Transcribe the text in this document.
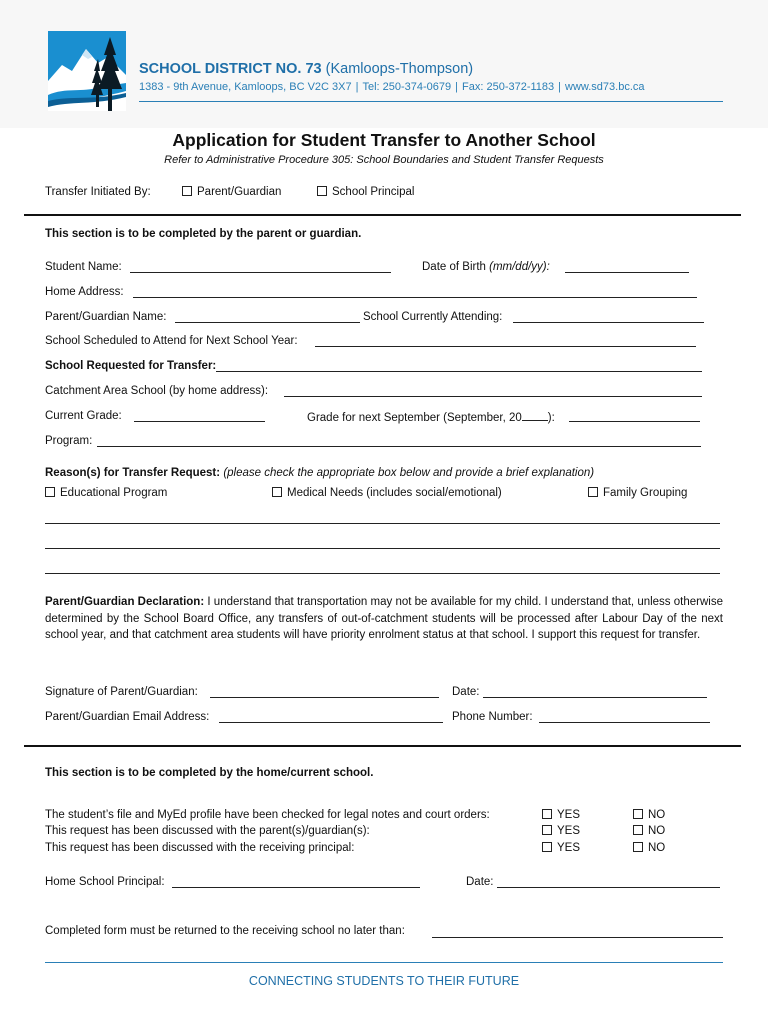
SCHOOL DISTRICT NO. 73 (Kamloops-Thompson)
1383 - 9th Avenue, Kamloops, BC V2C 3X7 | Tel: 250-374-0679 | Fax: 250-372-1183 | www.sd73.bc.ca
Application for Student Transfer to Another School
Refer to Administrative Procedure 305: School Boundaries and Student Transfer Requests
Transfer Initiated By:	Parent/Guardian	School Principal
This section is to be completed by the parent or guardian.
Student Name:	Date of Birth (mm/dd/yy):
Home Address:
Parent/Guardian Name:	School Currently Attending:
School Scheduled to Attend for Next School Year:
School Requested for Transfer:
Catchment Area School (by home address):
Current Grade:	Grade for next September (September, 20 ):
Program:
Reason(s) for Transfer Request: (please check the appropriate box below and provide a brief explanation)
Educational Program	Medical Needs (includes social/emotional)	Family Grouping
Parent/Guardian Declaration: I understand that transportation may not be available for my child. I understand that, unless otherwise determined by the School Board Office, any transfers of out-of-catchment students will be processed after Labour Day of the next school year, and that catchment area students will have priority enrolment status at that school. I support this request for transfer.
Signature of Parent/Guardian:	Date:
Parent/Guardian Email Address:	Phone Number:
This section is to be completed by the home/current school.
The student’s file and MyEd profile have been checked for legal notes and court orders:	YES	NO
This request has been discussed with the parent(s)/guardian(s):	YES	NO
This request has been discussed with the receiving principal:	YES	NO
Home School Principal:	Date:
Completed form must be returned to the receiving school no later than:
CONNECTING STUDENTS TO THEIR FUTURE
